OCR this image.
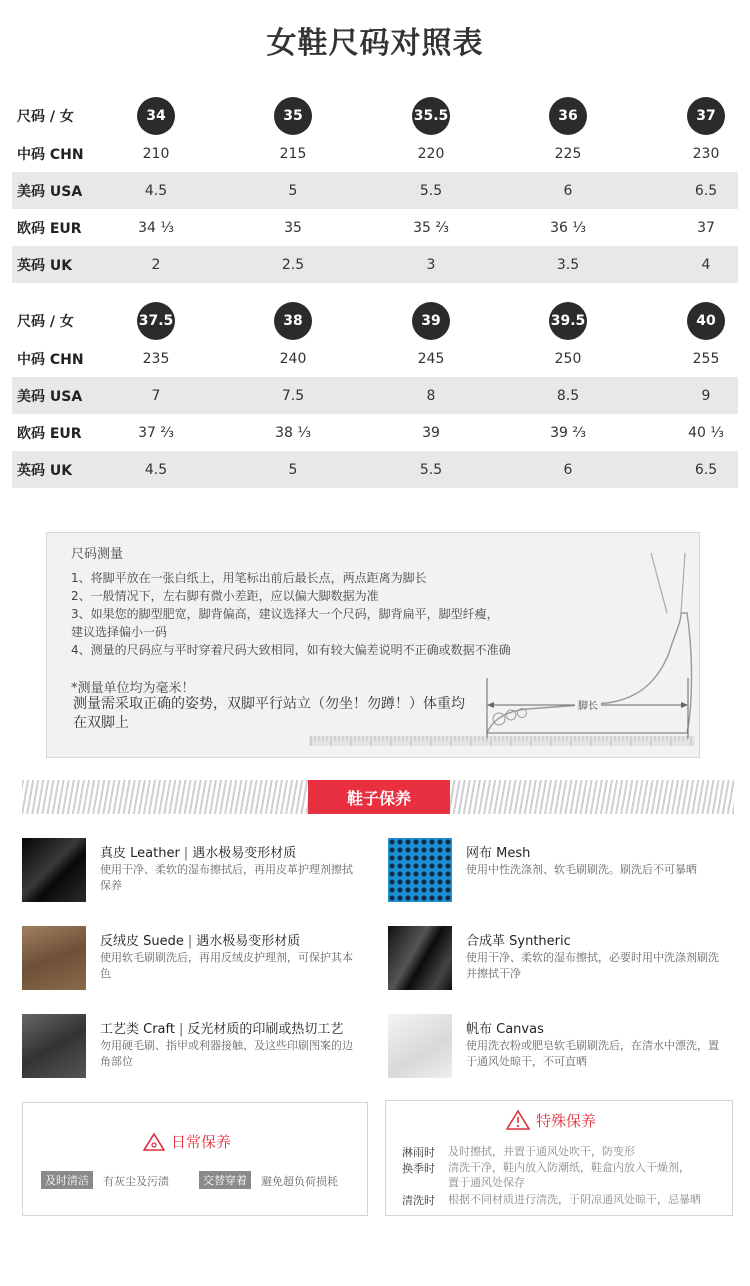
女鞋尺码对照表
尺码 / 女	34	35	35.5	36	37
中码 CHN	210	215	220	225	230
美码 USA	4.5	5	5.5	6	6.5
欧码 EUR	34 ⅓	35	35 ⅔	36 ⅓	37
英码 UK	2	2.5	3	3.5	4
尺码 / 女	37.5	38	39	39.5	40
中码 CHN	235	240	245	250	255
美码 USA	7	7.5	8	8.5	9
欧码 EUR	37 ⅔	38 ⅓	39	39 ⅔	40 ⅓
英码 UK	4.5	5	5.5	6	6.5
尺码测量
1、将脚平放在一张白纸上，用笔标出前后最长点，两点距离为脚长
2、一般情况下，左右脚有微小差距，应以偏大脚数据为准
3、如果您的脚型肥宽，脚背偏高，建议选择大一个尺码，脚背扁平，脚型纤瘦，
建议选择偏小一码
4、测量的尺码应与平时穿着尺码大致相同，如有较大偏差说明不正确或数据不准确
*测量单位均为毫米！
测量需采取正确的姿势，双脚平行站立（勿坐！勿蹲！）体重均
在双脚上
脚长
鞋子保养
真皮 Leather | 遇水极易变形材质
使用干净、柔软的湿布擦拭后，再用皮革护理剂擦拭保养
网布 Mesh
使用中性洗涤剂、软毛刷刷洗。刷洗后不可暴晒
反绒皮 Suede | 遇水极易变形材质
使用软毛刷刷洗后，再用反绒皮护理剂，可保护其本色
合成革 Syntheric
使用干净、柔软的湿布擦拭，必要时用中洗涤剂刷洗并擦拭干净
工艺类 Craft | 反光材质的印刷或热切工艺
勿用硬毛刷、指甲或利器接触、及这些印刷图案的边角部位
帆布 Canvas
使用洗衣粉或肥皂软毛刷刷洗后，在清水中漂洗，置于通风处晾干，不可直晒
日常保养
及时清洁	有灰尘及污渍	交替穿着	避免超负荷损耗
特殊保养
淋雨时 及时擦拭，并置于通风处吹干，防变形
换季时 清洗干净，鞋内放入防潮纸，鞋盒内放入干燥剂，置于通风处保存
清洗时 根据不同材质进行清洗，于阴凉通风处晾干，忌暴晒
